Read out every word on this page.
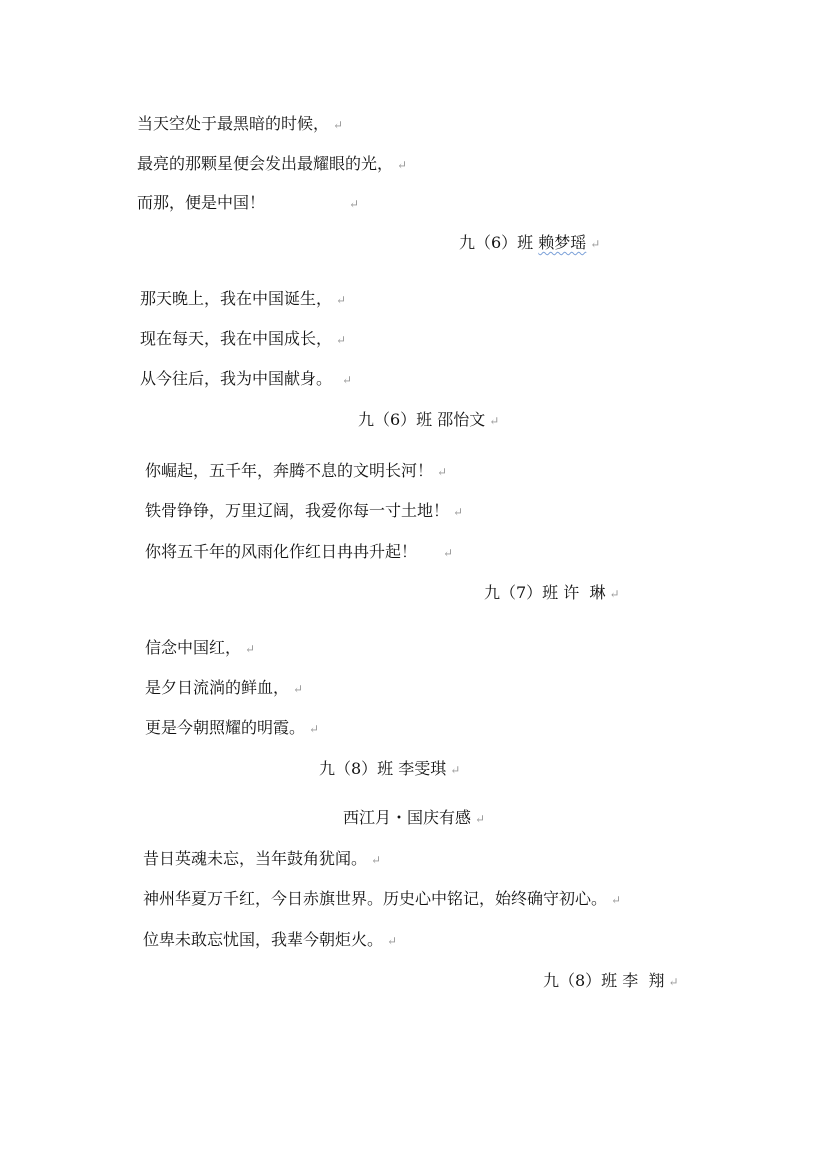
当天空处于最黑暗的时候， ↵
最亮的那颗星便会发出最耀眼的光， ↵
而那，便是中国！	↵
九（6）班 赖梦瑶 ↵
那天晚上，我在中国诞生， ↵
现在每天，我在中国成长， ↵
从今往后，我为中国献身。 ↵
九（6）班 邵怡文 ↵
你崛起，五千年，奔腾不息的文明长河！ ↵
铁骨铮铮，万里辽阔，我爱你每一寸土地！ ↵
你将五千年的风雨化作红日冉冉升起！ ↵
九（7）班 许  琳 ↵
信念中国红， ↵
是夕日流淌的鲜血， ↵
更是今朝照耀的明霞。 ↵
九（8）班 李雯琪 ↵
西江月・国庆有感 ↵
昔日英魂未忘，当年鼓角犹闻。 ↵
神州华夏万千红，今日赤旗世界。历史心中铭记，始终确守初心。 ↵
位卑未敢忘忧国，我辈今朝炬火。 ↵
九（8）班 李  翔 ↵
